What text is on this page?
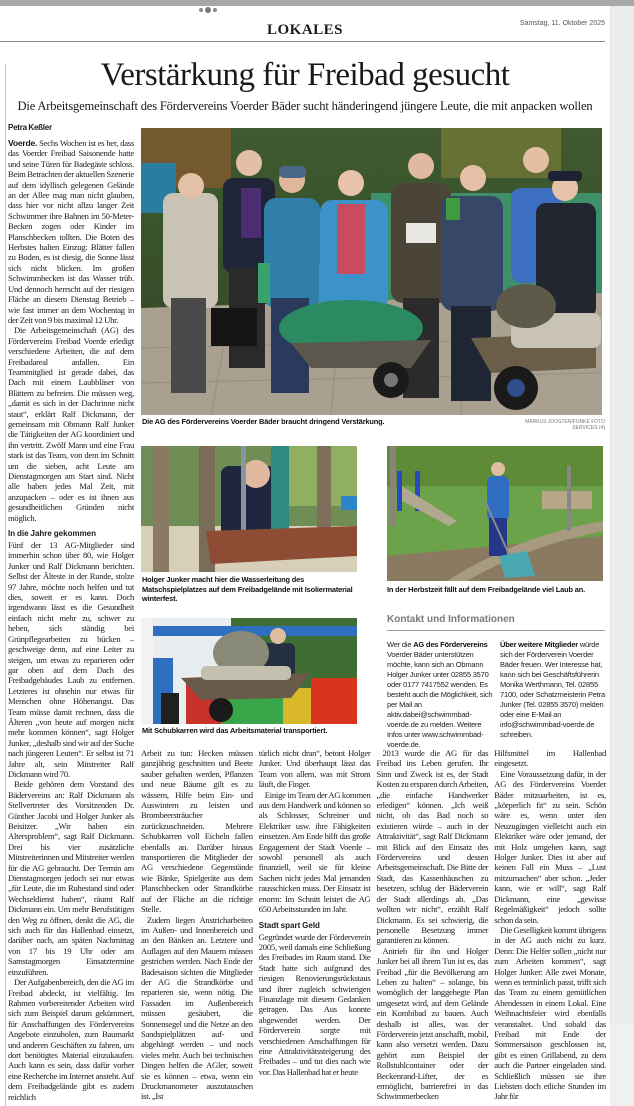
LOKALES	Samstag, 11. Oktober 2025
Verstärkung für Freibad gesucht
Die Arbeitsgemeinschaft des Fördervereins Voerder Bäder sucht händeringend jüngere Leute, die mit anpacken wollen
Petra Keßler

Voerde. Sechs Wochen ist es her, dass das Voerder Freibad Saisonende hatte und seine Türen für Badegäste schloss. Beim Betrachten der aktuellen Szenerie auf dem idyllisch gelegenen Gelände an der Allee mag man nicht glauben, dass hier vor nicht allzu langer Zeit Schwimmer ihre Bahnen im 50-Meter-Becken zogen oder Kinder im Planschbecken tollten. Die Boten des Herbstes halten Einzug: Blätter fallen zu Boden, es ist diesig, die Sonne lässt sich nicht blicken. Im großen Schwimmbecken ist das Wasser trüb. Und dennoch herrscht auf der riesigen Fläche an diesem Dienstag Betrieb – wie fast immer an dem Wochentag in der Zeit von 9 bis maximal 12 Uhr.

Die Arbeitsgemeinschaft (AG) des Fördervereins Freibad Voerde erledigt verschiedene Arbeiten, die auf dem Freibadareal anfallen. Ein Teammitglied ist gerade dabei, das Dach mit einem Laubbläser von Blättern zu befreien. Die müssen weg, „damit es sich in der Dachrinne nicht staut“, erklärt Ralf Dickmann, der gemeinsam mit Obmann Ralf Junker die Tätigkeiten der AG koordiniert und ihn vertritt. Zwölf Mann und eine Frau stark ist das Team, von dem im Schnitt um die sieben, acht Leute am Dienstagmorgen am Start sind. Nicht alle haben jedes Mal Zeit, mit anzupacken – oder es ist ihnen aus gesundheitlichen Gründen nicht möglich.

In die Jahre gekommen

Fünf der 13 AG-Mitglieder sind immerhin schon über 80, wie Holger Junker und Ralf Dickmann berichten. Selbst der Älteste in der Runde, stolze 97 Jahre, möchte noch helfen und tut dies, soweit er es kann. Doch irgendwann lässt es die Gesundheit einfach nicht mehr zu, schwer zu heben, sich ständig bei Grünpflegearbeiten zu bücken – geschweige denn, auf eine Leiter zu steigen, um etwas zu reparieren oder gar oben auf dem Dach des Freibadgebäudes Laub zu entfernen. Letzteres ist ohnehin nur etwas für Menschen ohne Höhenangst. Das Team müsse damit rechnen, dass die Älteren „von heute auf morgen nicht mehr kommen können“, sagt Holger Junker, „deshalb sind wir auf der Suche nach jüngeren Leuten“. Er selbst ist 71 Jahre alt, sein Mitstreiter Ralf Dickmann wird 70.

Beide gehören dem Vorstand des Bädervereins an: Ralf Dickmann als Stellvertreter des Vorsitzenden Dr. Günther Jacobi und Holger Junker als Beisitzer. „Wir haben ein Altersproblem“, sagt Ralf Dickmann. Drei bis vier zusätzliche Mitstreiterinnen und Mitstreiter werden für die AG gebraucht. Der Termin am Dienstagmorgen jedoch sei nur etwas „für Leute, die im Ruhestand sind oder Wechseldienst haben“, räumt Ralf Dickmann ein. Um mehr Berufstätigen den Weg zu öffnen, denkt die AG, die sich auch für das Hallenbad einsetzt, darüber nach, am späten Nachmittag von 17 bis 19 Uhr oder am Samstagmorgen Einsatztermine einzuführen.

Der Aufgabenbereich, den die AG im Freibad abdeckt, ist vielfältig. Im Rahmen vorbereitender Arbeiten wird sich zum Beispiel darum gekümmert, für Anschaffungen des Fördervereins Angebote einzuholen, zum Baumarkt und anderen Geschäften zu fahren, um dort benötigtes Material einzukaufen. Auch kann es sein, dass dafür vorher eine Recherche im Internet ansteht. Auf dem Freibadgelände gibt es zudem reichlich

Die AG des Fördervereins Voerder Bäder braucht dringend Verstärkung.	MARKUS JOOSTEN/FUNKE FOTO SERVICES (4)
Holger Junker macht hier die Wasserleitung des Matschspielplatzes auf dem Freibadgelände mit Isoliermaterial winterfest.
In der Herbstzeit fällt auf dem Freibadgelände viel Laub an.
Mit Schubkarren wird das Arbeitsmaterial transportiert.
Kontakt und Informationen
Wer die AG des Fördervereins Voerder Bäder unterstützen möchte, kann sich an Obmann Holger Junker unter 02855 3570 oder 0177 7417552 wenden. Es besteht auch die Möglichkeit, sich per Mail an aktiv.dabei@schwimmbad-voerde.de zu melden. Weitere Infos unter www.schwimmbad-voerde.de.
Über weitere Mitglieder würde sich der Förderverein Voerder Bäder freuen. Wer Interesse hat, kann sich bei Geschäftsführerin Monika Werthmann, Tel. 02855 7100, oder Schatzmeisterin Petra Junker (Tel. 02855 3570) melden oder eine E-Mail an info@schwimmbad-voerde.de schreiben.

Arbeit zu tun: Hecken müssen ganzjährig geschnitten und Beete sauber gehalten werden, Pflanzen und neue Bäume gilt es zu wässern, Hilfe beim Ein- und Auswintern zu leisten und Brombeersträucher zurückzuschneiden. Mehrere Schubkarren voll Eicheln fallen ebenfalls an. Darüber hinaus transportieren die Mitglieder der AG verschiedene Gegenstände wie Bänke, Spielgeräte aus dem Planschbecken oder Strandkörbe auf der Fläche an die richtige Stelle.

Zudem liegen Anstricharbeiten im Außen- und Innenbereich und an den Bänken an. Letztere und Auflagen auf den Mauern müssen gestrichen werden. Nach Ende der Badesaison sichten die Mitglieder der AG die Strandkörbe und reparieren sie, wenn nötig. Die Fassaden im Außenbereich müssen gesäubert, die Sonnensegel und die Netze an den Sandspielplätzen auf- und abgehängt werden – und noch vieles mehr. Auch bei technischen Dingen helfen die AGler, soweit sie es können – etwa, wenn ein Druckmanometer auszutauschen ist. „Ist

türlich nicht dran“, betont Holger Junker. Und überhaupt lässt das Team von allem, was mit Strom läuft, die Finger.

Einige im Team der AG kommen aus dem Handwerk und können so als Schlosser, Schreiner und Elektriker usw. ihre Fähigkeiten einsetzen. Am Ende hilft das große Engagement der Stadt Voerde – sowohl personell als auch finanziell, weil sie für kleine Sachen nicht jedes Mal jemanden rausschicken muss. Der Einsatz ist enorm: Im Schnitt leistet die AG 650 Arbeitsstunden im Jahr.

Stadt spart Geld

Gegründet wurde der Förderverein 2005, weil damals eine Schließung des Freibades im Raum stand. Die Stadt hatte sich aufgrund des riesigen Renovierungsrückstaus und ihrer zugleich schwierigen Finanzlage mit diesem Gedanken getragen. Das Aus konnte abgewendet werden. Der Förderverein sorgte mit verschiedenen Anschaffungen für eine Attraktivitätssteigerung des Freibades – und tut dies nach wie vor. Das Hallenbad hat er heute

2013 wurde die AG für das Freibad ins Leben gerufen. Ihr Sinn und Zweck ist es, der Stadt Kosten zu ersparen durch Arbeiten, „die einfache Handwerker erledigen“ können. „Ich weiß nicht, ob das Bad noch so existieren würde – auch in der Attraktivität“, sagt Ralf Dickmann mit Blick auf den Einsatz des Fördervereins und dessen Arbeitsgemeinschaft. Die Bitte der Stadt, das Kassenhäuschen zu besetzen, schlug der Bäderverein der Stadt allerdings ab. „Das wollten wir nicht“, erzählt Ralf Dickmann. Es sei schwierig, die personelle Besetzung immer garantieren zu können.

Antrieb für ihn und Holger Junker bei all ihrem Tun ist es, das Freibad „für die Bevölkerung am Leben zu halten“ – solange, bis womöglich der langgehegte Plan umgesetzt wird, auf dem Gelände ein Kombibad zu bauen. Auch deshalb ist alles, was der Förderverein jetzt anschafft, mobil, kann also versetzt werden. Dazu gehört zum Beispiel der Rollstuhlcontainer oder der Beckenrand-Lifter, der es ermöglicht, barrierefrei in das Schwimmerbecken

Hilfsmittel im Hallenbad eingesetzt.

Eine Voraussetzung dafür, in der AG des Fördervereins Voerder Bäder mitzuarbeiten, ist es, „körperlich fit“ zu sein. Schön wäre es, wenn unter den Neuzugängen vielleicht auch ein Elektriker wäre oder jemand, der mit Holz umgehen kann, sagt Holger Junker. Dies ist aber auf keinen Fall ein Muss – „Lust mitzumachen“ aber schon. „Jeder kann, wie er will“, sagt Ralf Dickmann, eine „gewisse Regelmäßigkeit“ jedoch sollte schon da sein.

Die Geselligkeit kommt übrigens in der AG auch nicht zu kurz. Denn: Die Helfer sollen „nicht nur zum Arbeiten kommen“, sagt Holger Junker: Alle zwei Monate, wenn es terminlich passt, trifft sich das Team zu einem gemütlichen Abendessen in einem Lokal. Eine Weihnachtsfeier wird ebenfalls veranstaltet. Und sobald das Freibad mit Ende der Sommersaison geschlossen ist, gibt es einen Grillabend, zu dem auch die Partner eingeladen sind. Schließlich müssen sie ihre Liebsten doch etliche Stunden im Jahr für
